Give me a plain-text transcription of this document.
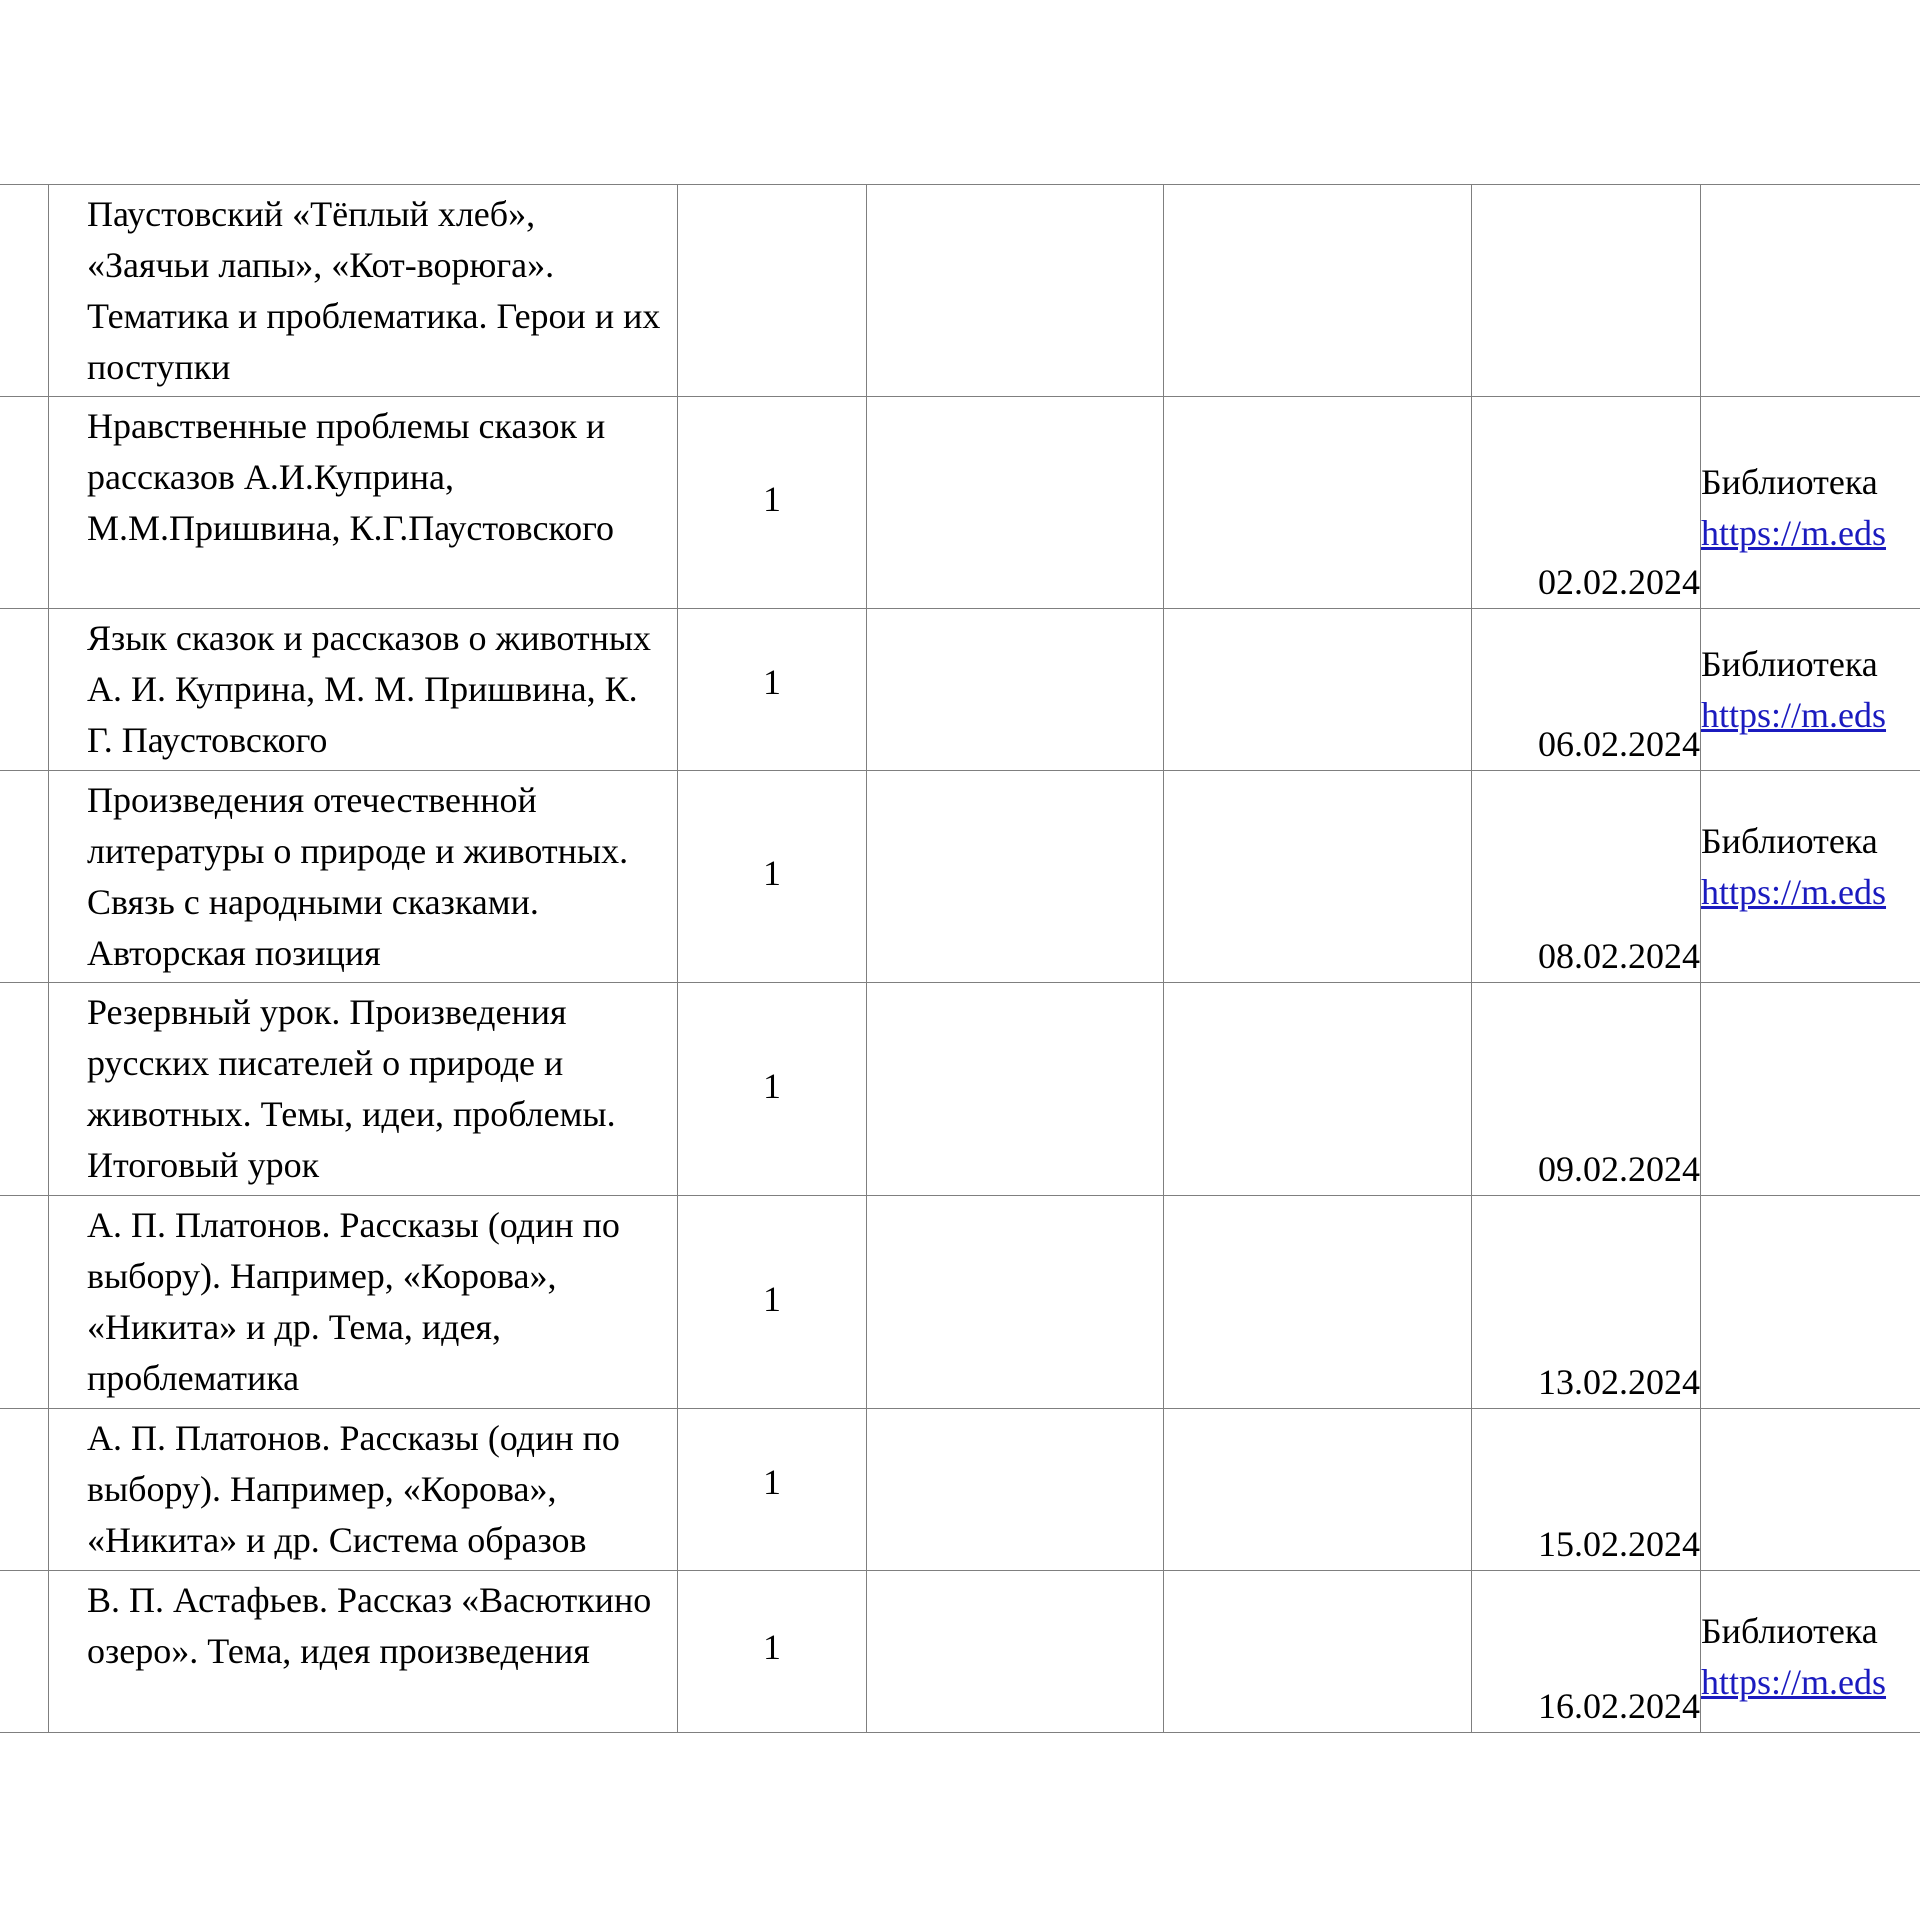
	Паустовский «Тёплый хлеб», «Заячьи лапы», «Кот-ворюга». Тематика и проблематика. Герои и их поступки					

	Нравственные проблемы сказок и рассказов А.И.Куприна, М.М.Пришвина, К.Г.Паустовского	1			02.02.2024	Библиотека
https://m.eds

	Язык сказок и рассказов о животных А. И. Куприна, М. М. Пришвина, К. Г. Паустовского	1			06.02.2024	Библиотека
https://m.eds

	Произведения отечественной литературы о природе и животных. Связь с народными сказками. Авторская позиция	1			08.02.2024	Библиотека
https://m.eds

	Резервный урок. Произведения русских писателей о природе и животных. Темы, идеи, проблемы. Итоговый урок	1			09.02.2024	

	А. П. Платонов. Рассказы (один по выбору). Например, «Корова», «Никита» и др. Тема, идея, проблематика	1			13.02.2024	

	А. П. Платонов. Рассказы (один по выбору). Например, «Корова», «Никита» и др. Система образов	1			15.02.2024	

	В. П. Астафьев. Рассказ «Васюткино озеро». Тема, идея произведения	1			16.02.2024	Библиотека
https://m.eds
